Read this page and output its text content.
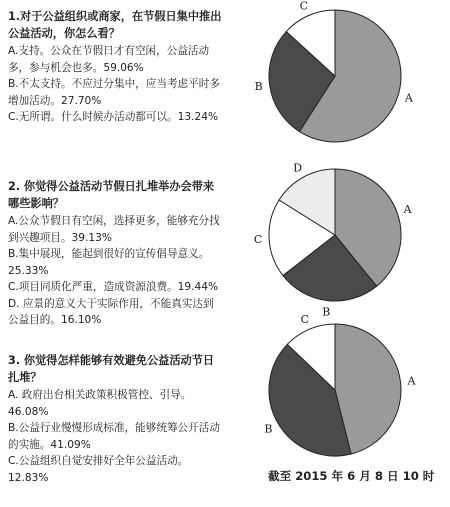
1.对于公益组织或商家，在节假日集中推出公益活动，你怎么看？

A.支持。公众在节假日才有空闲，公益活动多，参与机会也多。59.06%

B.不太支持。不应过分集中，应当考虑平时多增加活动。27.70%

C.无所谓。什么时候办活动都可以。13.24%

2. 你觉得公益活动节假日扎堆举办会带来哪些影响？

A.公众节假日有空闲，选择更多，能够充分找到兴趣项目。39.13%

B.集中展现，能起到很好的宣传倡导意义。25.33%

C.项目同质化严重，造成资源浪费。19.44%

D. 应景的意义大于实际作用，不能真实达到公益目的。16.10%

3. 你觉得怎样能够有效避免公益活动节日扎堆？

A. 政府出台相关政策积极管控、引导。46.08%

B.公益行业慢慢形成标准，能够统筹公开活动的实施。41.09%

C.公益组织自觉安排好全年公益活动。12.83%

A
B
C
A
B
C
D
A
B
C
截至 2015 年 6 月 8 日 10 时
